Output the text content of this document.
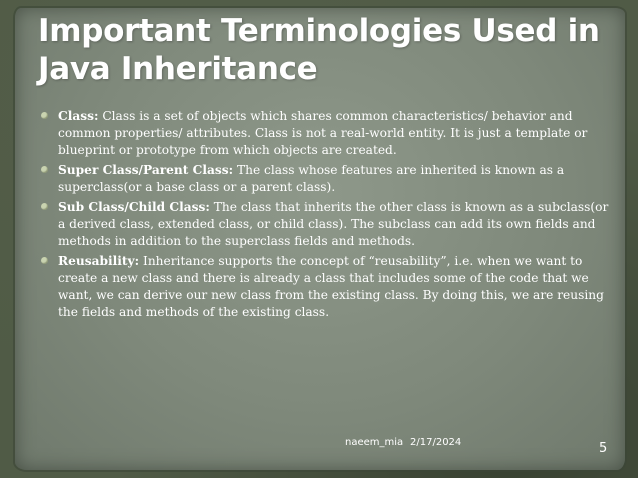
Important Terminologies Used in
Java Inheritance
Class: Class is a set of objects which shares common characteristics/ behavior and common properties/ attributes. Class is not a real-world entity. It is just a template or blueprint or prototype from which objects are created.
Super Class/Parent Class: The class whose features are inherited is known as a superclass(or a base class or a parent class).
Sub Class/Child Class: The class that inherits the other class is known as a subclass(or a derived class, extended class, or child class). The subclass can add its own fields and methods in addition to the superclass fields and methods.
Reusability: Inheritance supports the concept of “reusability”, i.e. when we want to create a new class and there is already a class that includes some of the code that we want, we can derive our new class from the existing class. By doing this, we are reusing the fields and methods of the existing class.
naeem_mia 2/17/2024	5
